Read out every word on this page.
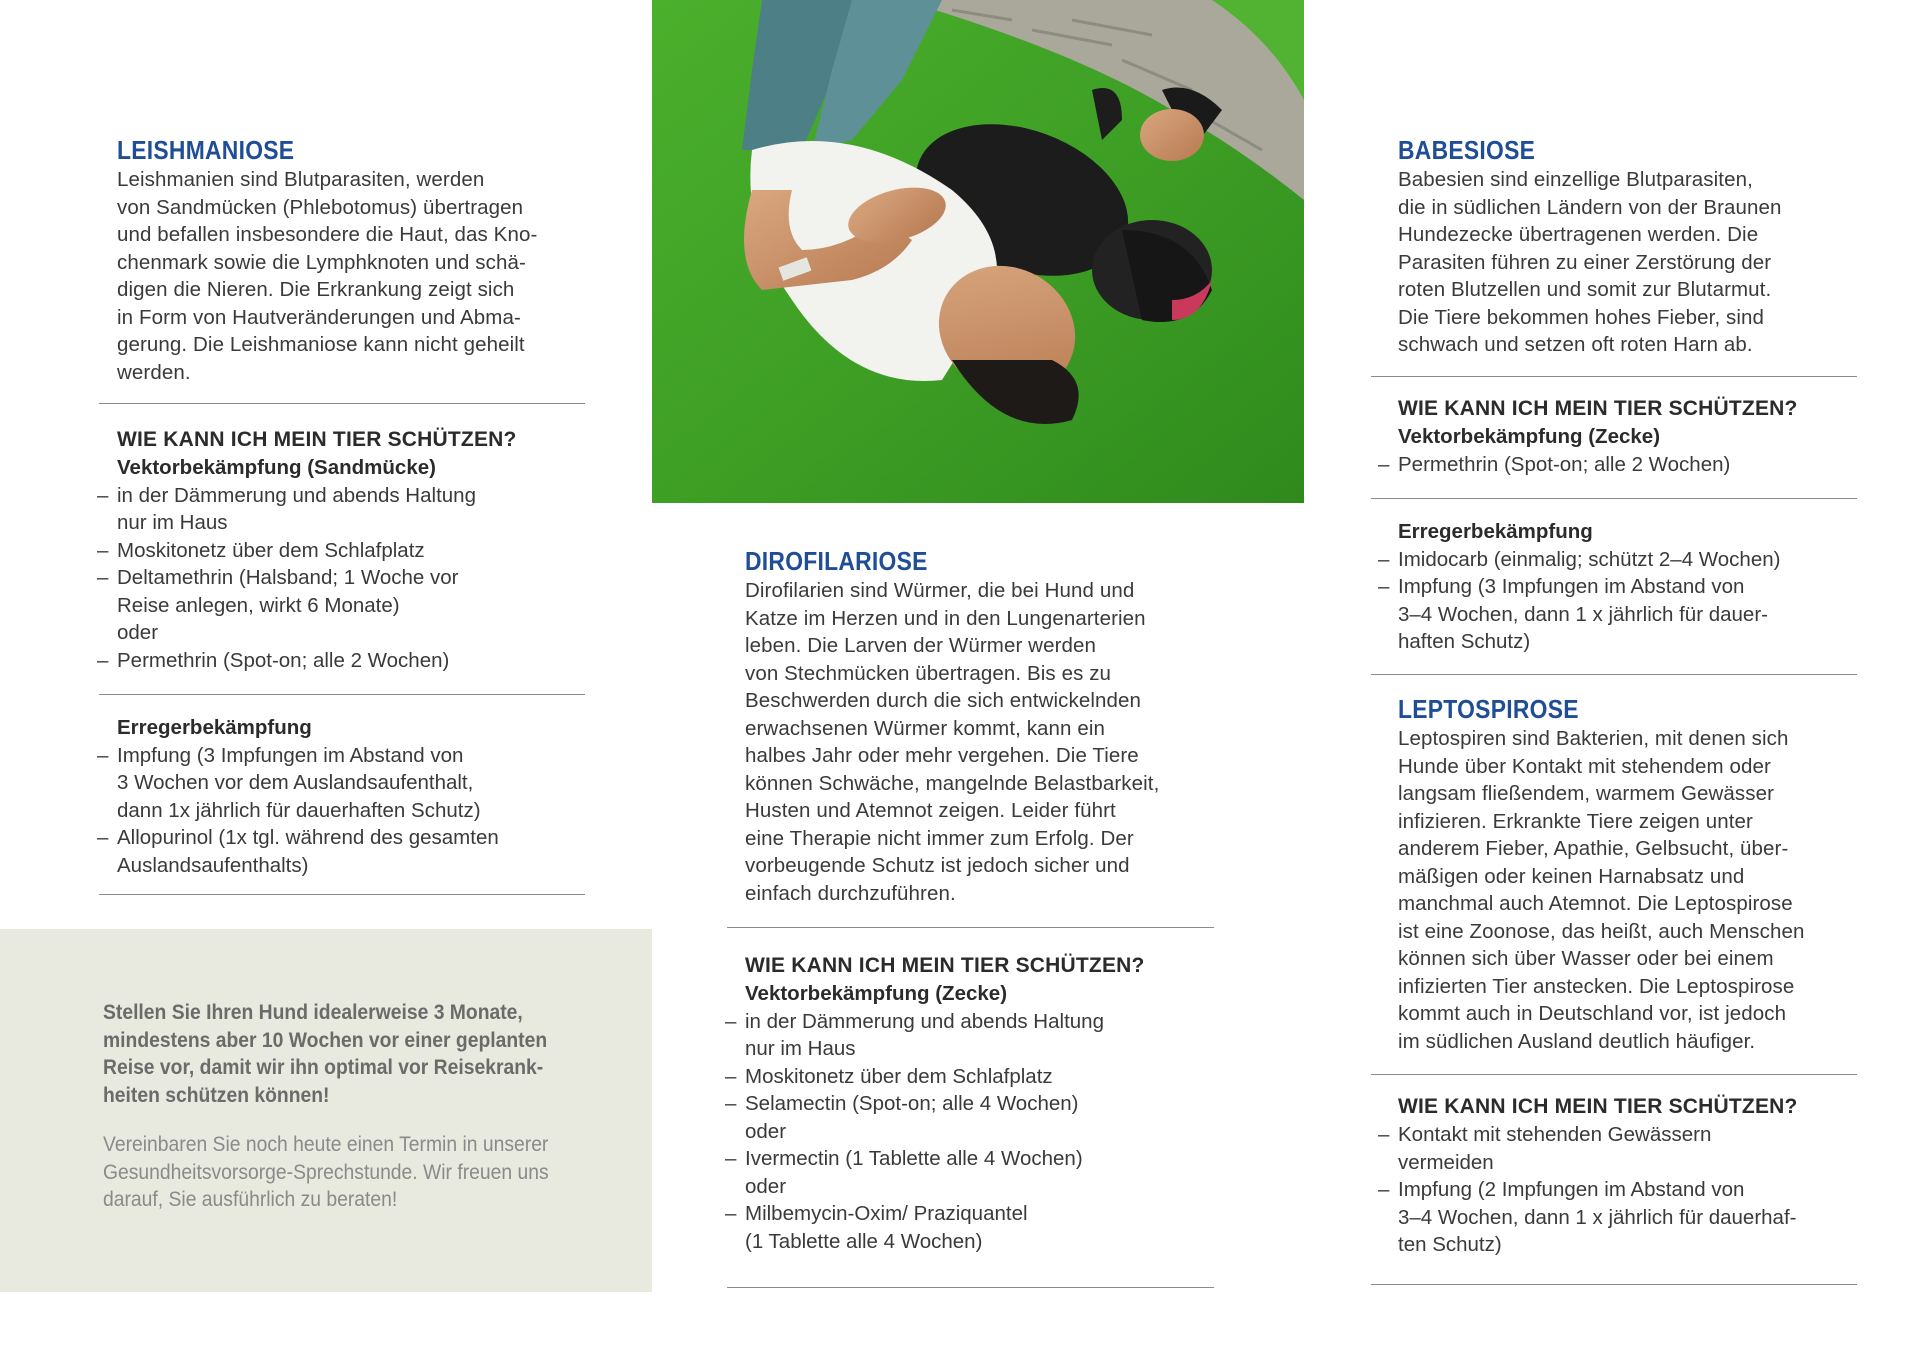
LEISHMANIOSE

Leishmanien sind Blutparasiten, werden
von Sandmücken (Phlebotomus) übertragen
und befallen insbesondere die Haut, das Kno-
chenmark sowie die Lymphknoten und schä-
digen die Nieren. Die Erkrankung zeigt sich
in Form von Hautveränderungen und Abma-
gerung. Die Leishmaniose kann nicht geheilt
werden.

WIE KANN ICH MEIN TIER SCHÜTZEN?

Vektorbekämpfung (Sandmücke)

– in der Dämmerung und abends Haltung
nur im Haus
– Moskitonetz über dem Schlafplatz
– Deltamethrin (Halsband; 1 Woche vor
Reise anlegen, wirkt 6 Monate)
oder
– Permethrin (Spot-on; alle 2 Wochen)

Erregerbekämpfung

– Impfung (3 Impfungen im Abstand von
3 Wochen vor dem Auslandsaufenthalt,
dann 1x jährlich für dauerhaften Schutz)
– Allopurinol (1x tgl. während des gesamten
Auslandsaufenthalts)
Stellen Sie Ihren Hund idealerweise 3 Monate,
mindestens aber 10 Wochen vor einer geplanten
Reise vor, damit wir ihn optimal vor Reisekrank-
heiten schützen können!
Vereinbaren Sie noch heute einen Termin in unserer
Gesundheitsvorsorge-Sprechstunde. Wir freuen uns
darauf, Sie ausführlich zu beraten!
DIROFILARIOSE

Dirofilarien sind Würmer, die bei Hund und
Katze im Herzen und in den Lungenarterien
leben. Die Larven der Würmer werden
von Stechmücken übertragen. Bis es zu
Beschwerden durch die sich entwickelnden
erwachsenen Würmer kommt, kann ein
halbes Jahr oder mehr vergehen. Die Tiere
können Schwäche, mangelnde Belastbarkeit,
Husten und Atemnot zeigen. Leider führt
eine Therapie nicht immer zum Erfolg. Der
vorbeugende Schutz ist jedoch sicher und
einfach durchzuführen.

WIE KANN ICH MEIN TIER SCHÜTZEN?

Vektorbekämpfung (Zecke)

– in der Dämmerung und abends Haltung
nur im Haus
– Moskitonetz über dem Schlafplatz
– Selamectin (Spot-on; alle 4 Wochen)
oder
– Ivermectin (1 Tablette alle 4 Wochen)
oder
– Milbemycin-Oxim/ Praziquantel
(1 Tablette alle 4 Wochen)
BABESIOSE

Babesien sind einzellige Blutparasiten,
die in südlichen Ländern von der Braunen
Hundezecke übertragenen werden. Die
Parasiten führen zu einer Zerstörung der
roten Blutzellen und somit zur Blutarmut.
Die Tiere bekommen hohes Fieber, sind
schwach und setzen oft roten Harn ab.

WIE KANN ICH MEIN TIER SCHÜTZEN?

Vektorbekämpfung (Zecke)

– Permethrin (Spot-on; alle 2 Wochen)

Erregerbekämpfung

– Imidocarb (einmalig; schützt 2–4 Wochen)
– Impfung (3 Impfungen im Abstand von
3–4 Wochen, dann 1 x jährlich für dauer-
haften Schutz)
LEPTOSPIROSE

Leptospiren sind Bakterien, mit denen sich
Hunde über Kontakt mit stehendem oder
langsam fließendem, warmem Gewässer
infizieren. Erkrankte Tiere zeigen unter
anderem Fieber, Apathie, Gelbsucht, über-
mäßigen oder keinen Harnabsatz und
manchmal auch Atemnot. Die Leptospirose
ist eine Zoonose, das heißt, auch Menschen
können sich über Wasser oder bei einem
infizierten Tier anstecken. Die Leptospirose
kommt auch in Deutschland vor, ist jedoch
im südlichen Ausland deutlich häufiger.

WIE KANN ICH MEIN TIER SCHÜTZEN?

– Kontakt mit stehenden Gewässern
vermeiden
– Impfung (2 Impfungen im Abstand von
3–4 Wochen, dann 1 x jährlich für dauerhaf-
ten Schutz)
